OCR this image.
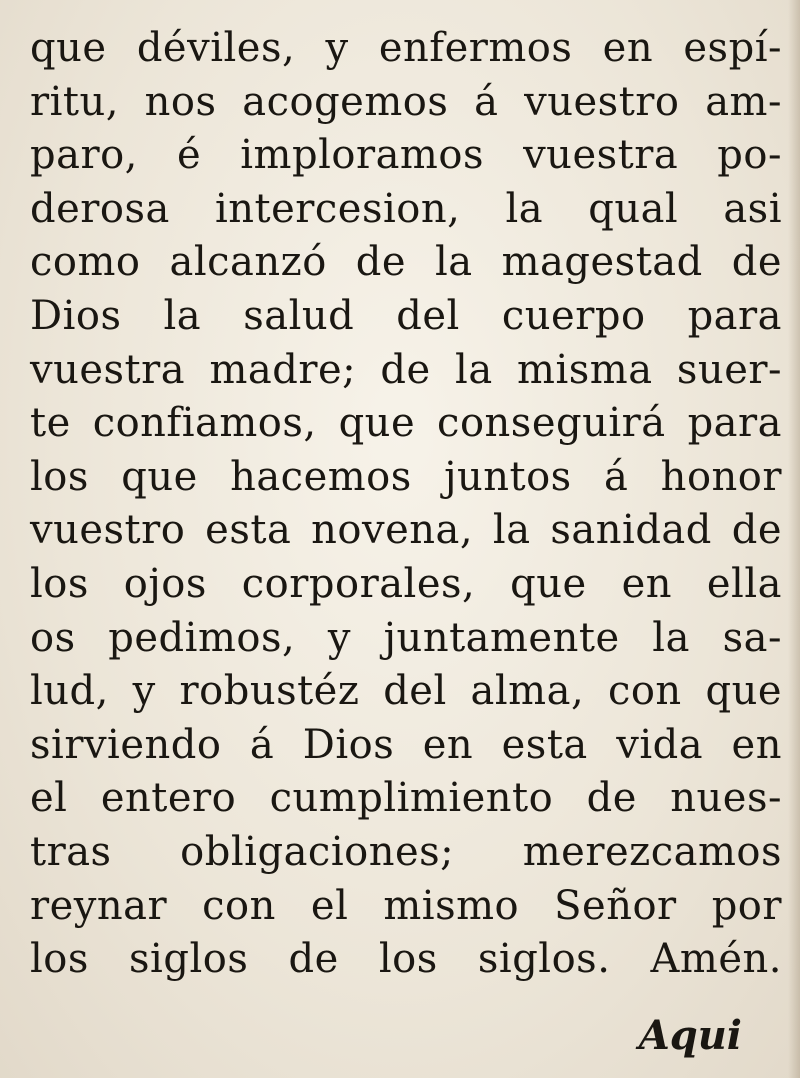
que déviles, y enfermos en espí-
ritu, nos acogemos á vuestro am-
paro, é imploramos vuestra po-
derosa intercesion, la qual asi
como alcanzó de la magestad de
Dios la salud del cuerpo para
vuestra madre; de la misma suer-
te confiamos, que conseguirá para
los que hacemos juntos á honor
vuestro esta novena, la sanidad de
los ojos corporales, que en ella
os pedimos, y juntamente la sa-
lud, y robustéz del alma, con que
sirviendo á Dios en esta vida en
el entero cumplimiento de nues-
tras obligaciones; merezcamos
reynar con el mismo Señor por
los siglos de los siglos. Amén.
Aqui
